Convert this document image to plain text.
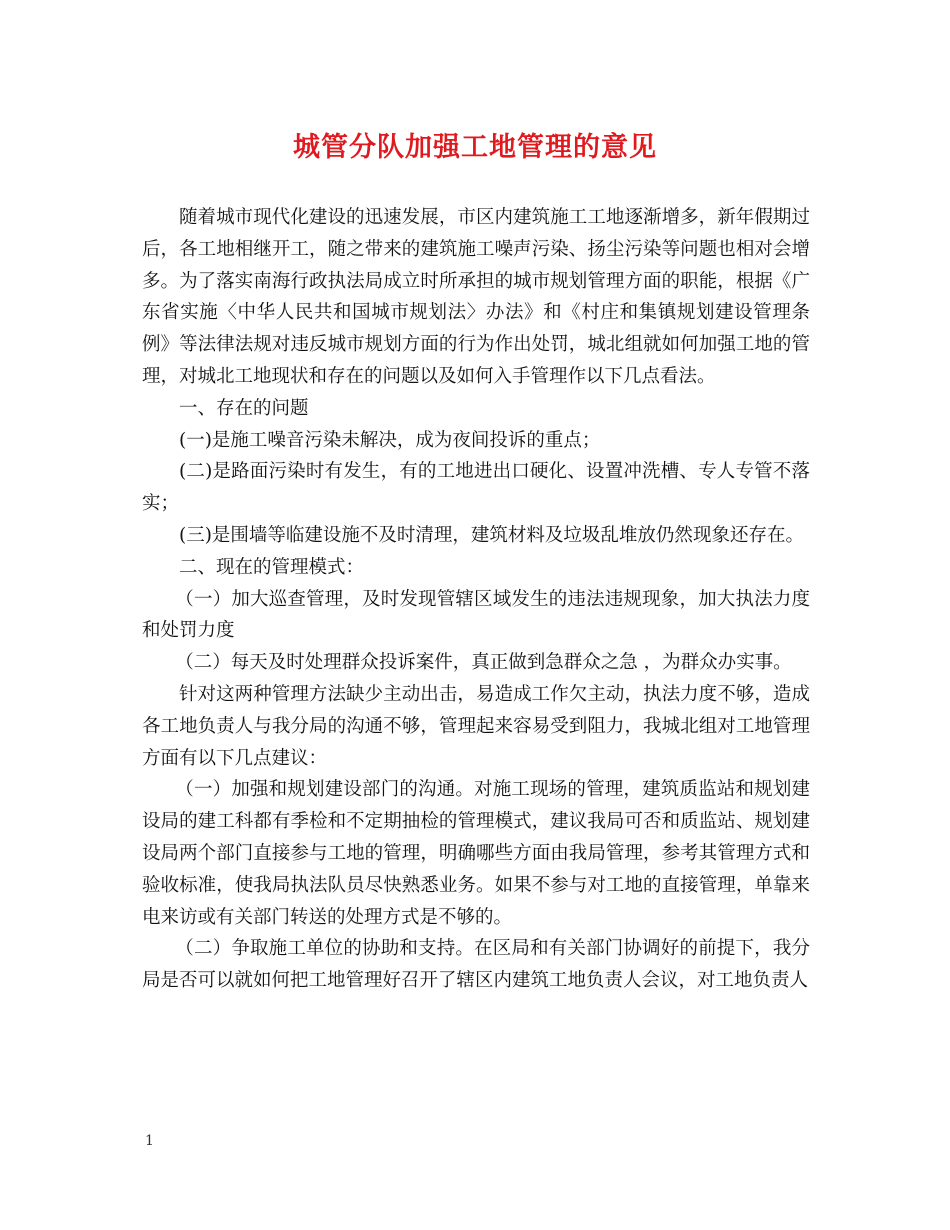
城管分队加强工地管理的意见

随着城市现代化建设的迅速发展，市区内建筑施工工地逐渐增多，新年假期过后，各工地相继开工，随之带来的建筑施工噪声污染、扬尘污染等问题也相对会增多。为了落实南海行政执法局成立时所承担的城市规划管理方面的职能，根据《广东省实施〈中华人民共和国城市规划法〉办法》和《村庄和集镇规划建设管理条例》等法律法规对违反城市规划方面的行为作出处罚，城北组就如何加强工地的管理，对城北工地现状和存在的问题以及如何入手管理作以下几点看法。

一、存在的问题

(一)是施工噪音污染未解决，成为夜间投诉的重点；

(二)是路面污染时有发生，有的工地进出口硬化、设置冲洗槽、专人专管不落实；

(三)是围墙等临建设施不及时清理，建筑材料及垃圾乱堆放仍然现象还存在。

二、现在的管理模式：

（一）加大巡查管理，及时发现管辖区域发生的违法违规现象，加大执法力度和处罚力度

（二）每天及时处理群众投诉案件，真正做到急群众之急 ，为群众办实事。

针对这两种管理方法缺少主动出击，易造成工作欠主动，执法力度不够，造成各工地负责人与我分局的沟通不够，管理起来容易受到阻力，我城北组对工地管理方面有以下几点建议：

（一）加强和规划建设部门的沟通。对施工现场的管理，建筑质监站和规划建设局的建工科都有季检和不定期抽检的管理模式，建议我局可否和质监站、规划建设局两个部门直接参与工地的管理，明确哪些方面由我局管理，参考其管理方式和验收标准，使我局执法队员尽快熟悉业务。如果不参与对工地的直接管理，单靠来电来访或有关部门转送的处理方式是不够的。

（二）争取施工单位的协助和支持。在区局和有关部门协调好的前提下，我分局是否可以就如何把工地管理好召开了辖区内建筑工地负责人会议，对工地负责人

1
